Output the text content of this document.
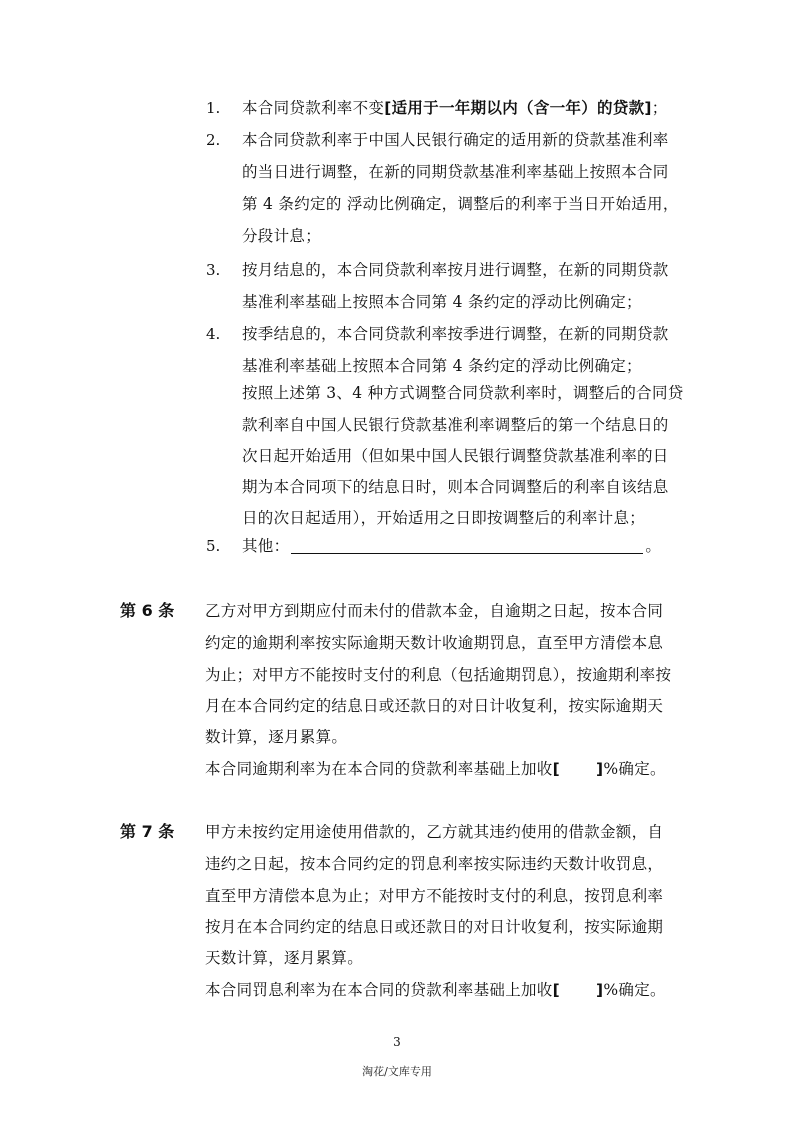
1. 本合同贷款利率不变[适用于一年期以内（含一年）的贷款]；
2. 本合同贷款利率于中国人民银行确定的适用新的贷款基准利率
的当日进行调整，在新的同期贷款基准利率基础上按照本合同
第 4 条约定的 浮动比例确定，调整后的利率于当日开始适用，
分段计息；
3. 按月结息的，本合同贷款利率按月进行调整，在新的同期贷款
基准利率基础上按照本合同第 4 条约定的浮动比例确定；
4. 按季结息的，本合同贷款利率按季进行调整，在新的同期贷款
基准利率基础上按照本合同第 4 条约定的浮动比例确定；
按照上述第 3、4 种方式调整合同贷款利率时，调整后的合同贷
款利率自中国人民银行贷款基准利率调整后的第一个结息日的
次日起开始适用（但如果中国人民银行调整贷款基准利率的日
期为本合同项下的结息日时，则本合同调整后的利率自该结息
日的次日起适用），开始适用之日即按调整后的利率计息；
5. 其他：	。
第 6 条 乙方对甲方到期应付而未付的借款本金，自逾期之日起，按本合同
约定的逾期利率按实际逾期天数计收逾期罚息，直至甲方清偿本息
为止；对甲方不能按时支付的利息（包括逾期罚息），按逾期利率按
月在本合同约定的结息日或还款日的对日计收复利，按实际逾期天
数计算，逐月累算。
本合同逾期利率为在本合同的贷款利率基础上加收[ ]%确定。
第 7 条 甲方未按约定用途使用借款的，乙方就其违约使用的借款金额，自
违约之日起，按本合同约定的罚息利率按实际违约天数计收罚息，
直至甲方清偿本息为止；对甲方不能按时支付的利息，按罚息利率
按月在本合同约定的结息日或还款日的对日计收复利，按实际逾期
天数计算，逐月累算。
本合同罚息利率为在本合同的贷款利率基础上加收[ ]%确定。
3
淘花/文库专用
